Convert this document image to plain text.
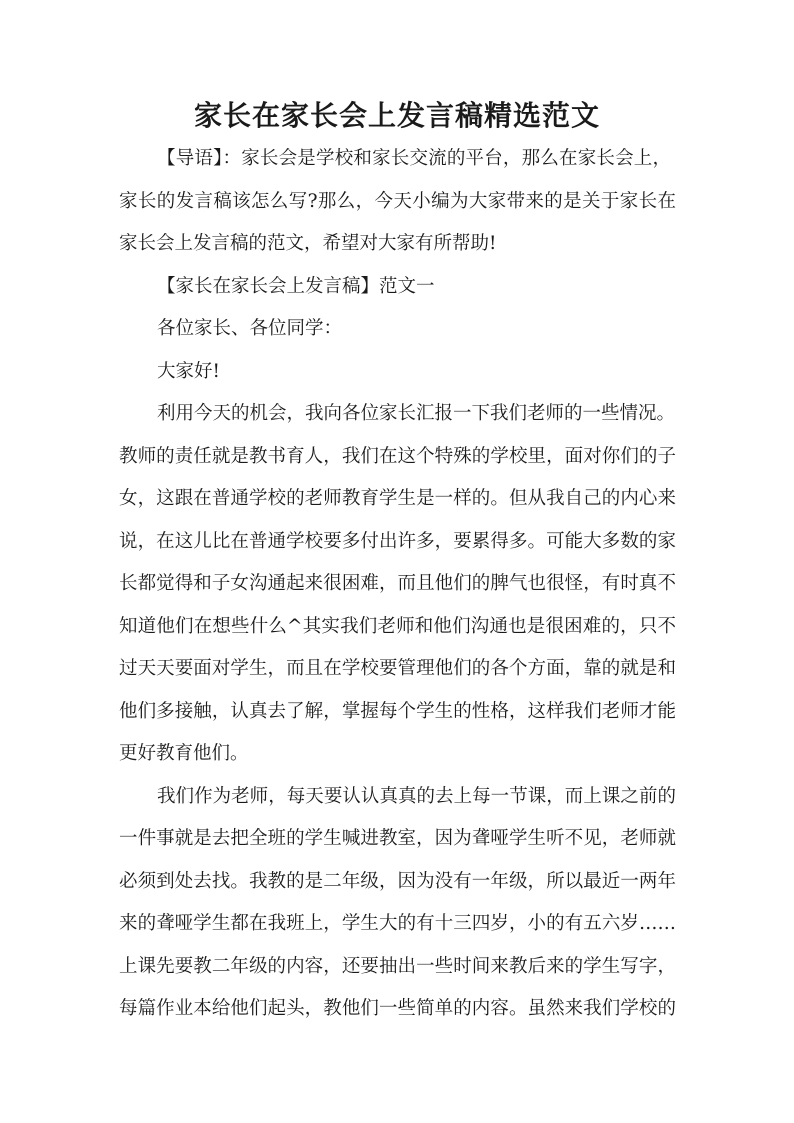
家长在家长会上发言稿精选范文
【导语】：家长会是学校和家长交流的平台，那么在家长会上，
家长的发言稿该怎么写?那么，今天小编为大家带来的是关于家长在
家长会上发言稿的范文，希望对大家有所帮助!
【家长在家长会上发言稿】范文一
各位家长、各位同学：
大家好!
利用今天的机会，我向各位家长汇报一下我们老师的一些情况。
教师的责任就是教书育人，我们在这个特殊的学校里，面对你们的子
女，这跟在普通学校的老师教育学生是一样的。但从我自己的内心来
说，在这儿比在普通学校要多付出许多，要累得多。可能大多数的家
长都觉得和子女沟通起来很困难，而且他们的脾气也很怪，有时真不
知道他们在想些什么^其实我们老师和他们沟通也是很困难的，只不
过天天要面对学生，而且在学校要管理他们的各个方面，靠的就是和
他们多接触，认真去了解，掌握每个学生的性格，这样我们老师才能
更好教育他们。
我们作为老师，每天要认认真真的去上每一节课，而上课之前的
一件事就是去把全班的学生喊进教室，因为聋哑学生听不见，老师就
必须到处去找。我教的是二年级，因为没有一年级，所以最近一两年
来的聋哑学生都在我班上，学生大的有十三四岁，小的有五六岁……
上课先要教二年级的内容，还要抽出一些时间来教后来的学生写字，
每篇作业本给他们起头，教他们一些简单的内容。虽然来我们学校的
